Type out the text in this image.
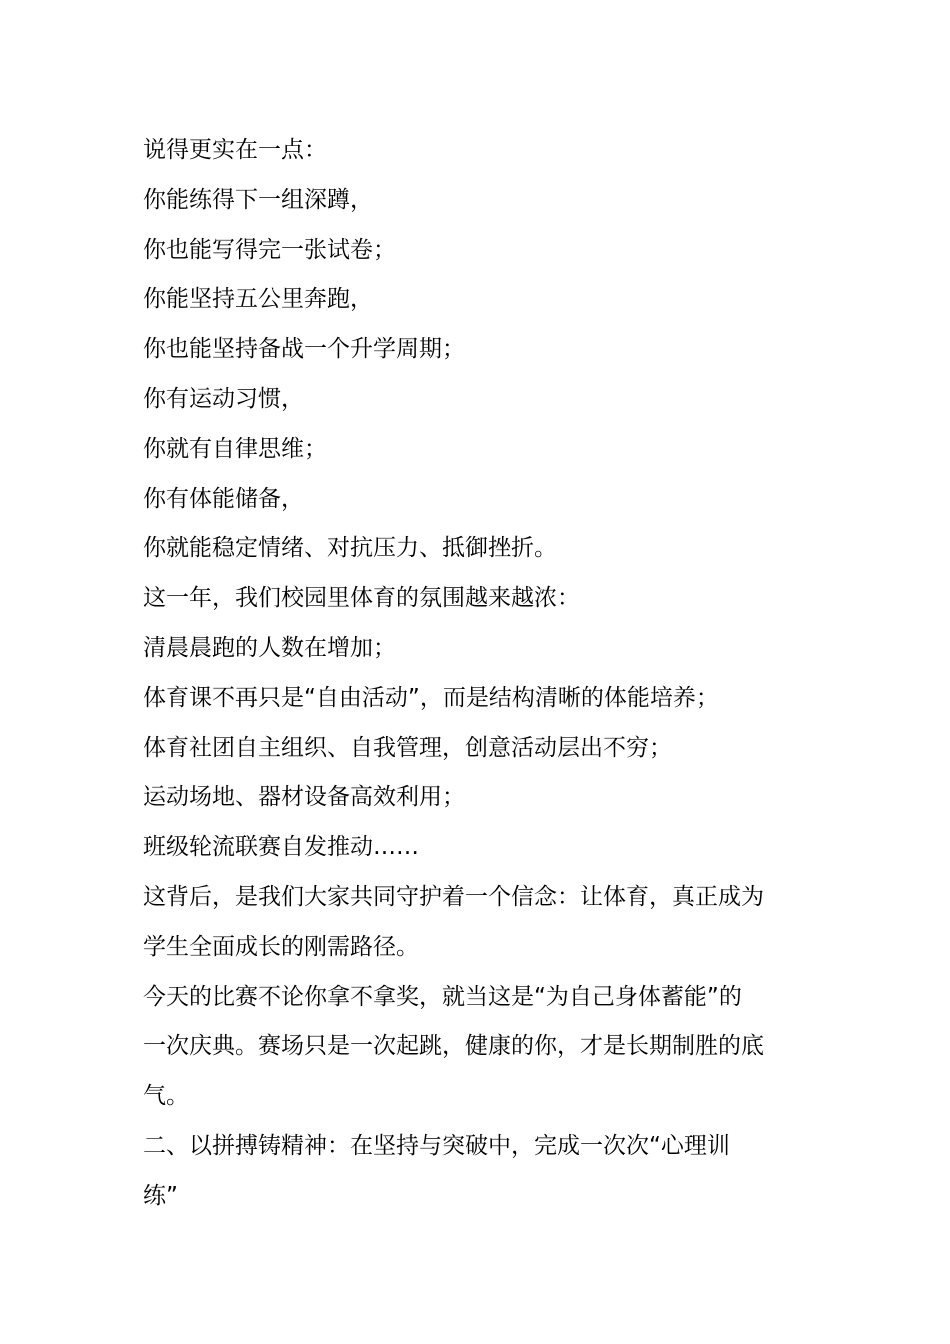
说得更实在一点：
你能练得下一组深蹲，
你也能写得完一张试卷；
你能坚持五公里奔跑，
你也能坚持备战一个升学周期；
你有运动习惯，
你就有自律思维；
你有体能储备，
你就能稳定情绪、对抗压力、抵御挫折。
这一年，我们校园里体育的氛围越来越浓：
清晨晨跑的人数在增加；
体育课不再只是“自由活动”，而是结构清晰的体能培养；
体育社团自主组织、自我管理，创意活动层出不穷；
运动场地、器材设备高效利用；
班级轮流联赛自发推动……
这背后，是我们大家共同守护着一个信念：让体育，真正成为
学生全面成长的刚需路径。
今天的比赛不论你拿不拿奖，就当这是“为自己身体蓄能”的
一次庆典。赛场只是一次起跳，健康的你，才是长期制胜的底
气。
二、以拼搏铸精神：在坚持与突破中，完成一次次“心理训
练”
